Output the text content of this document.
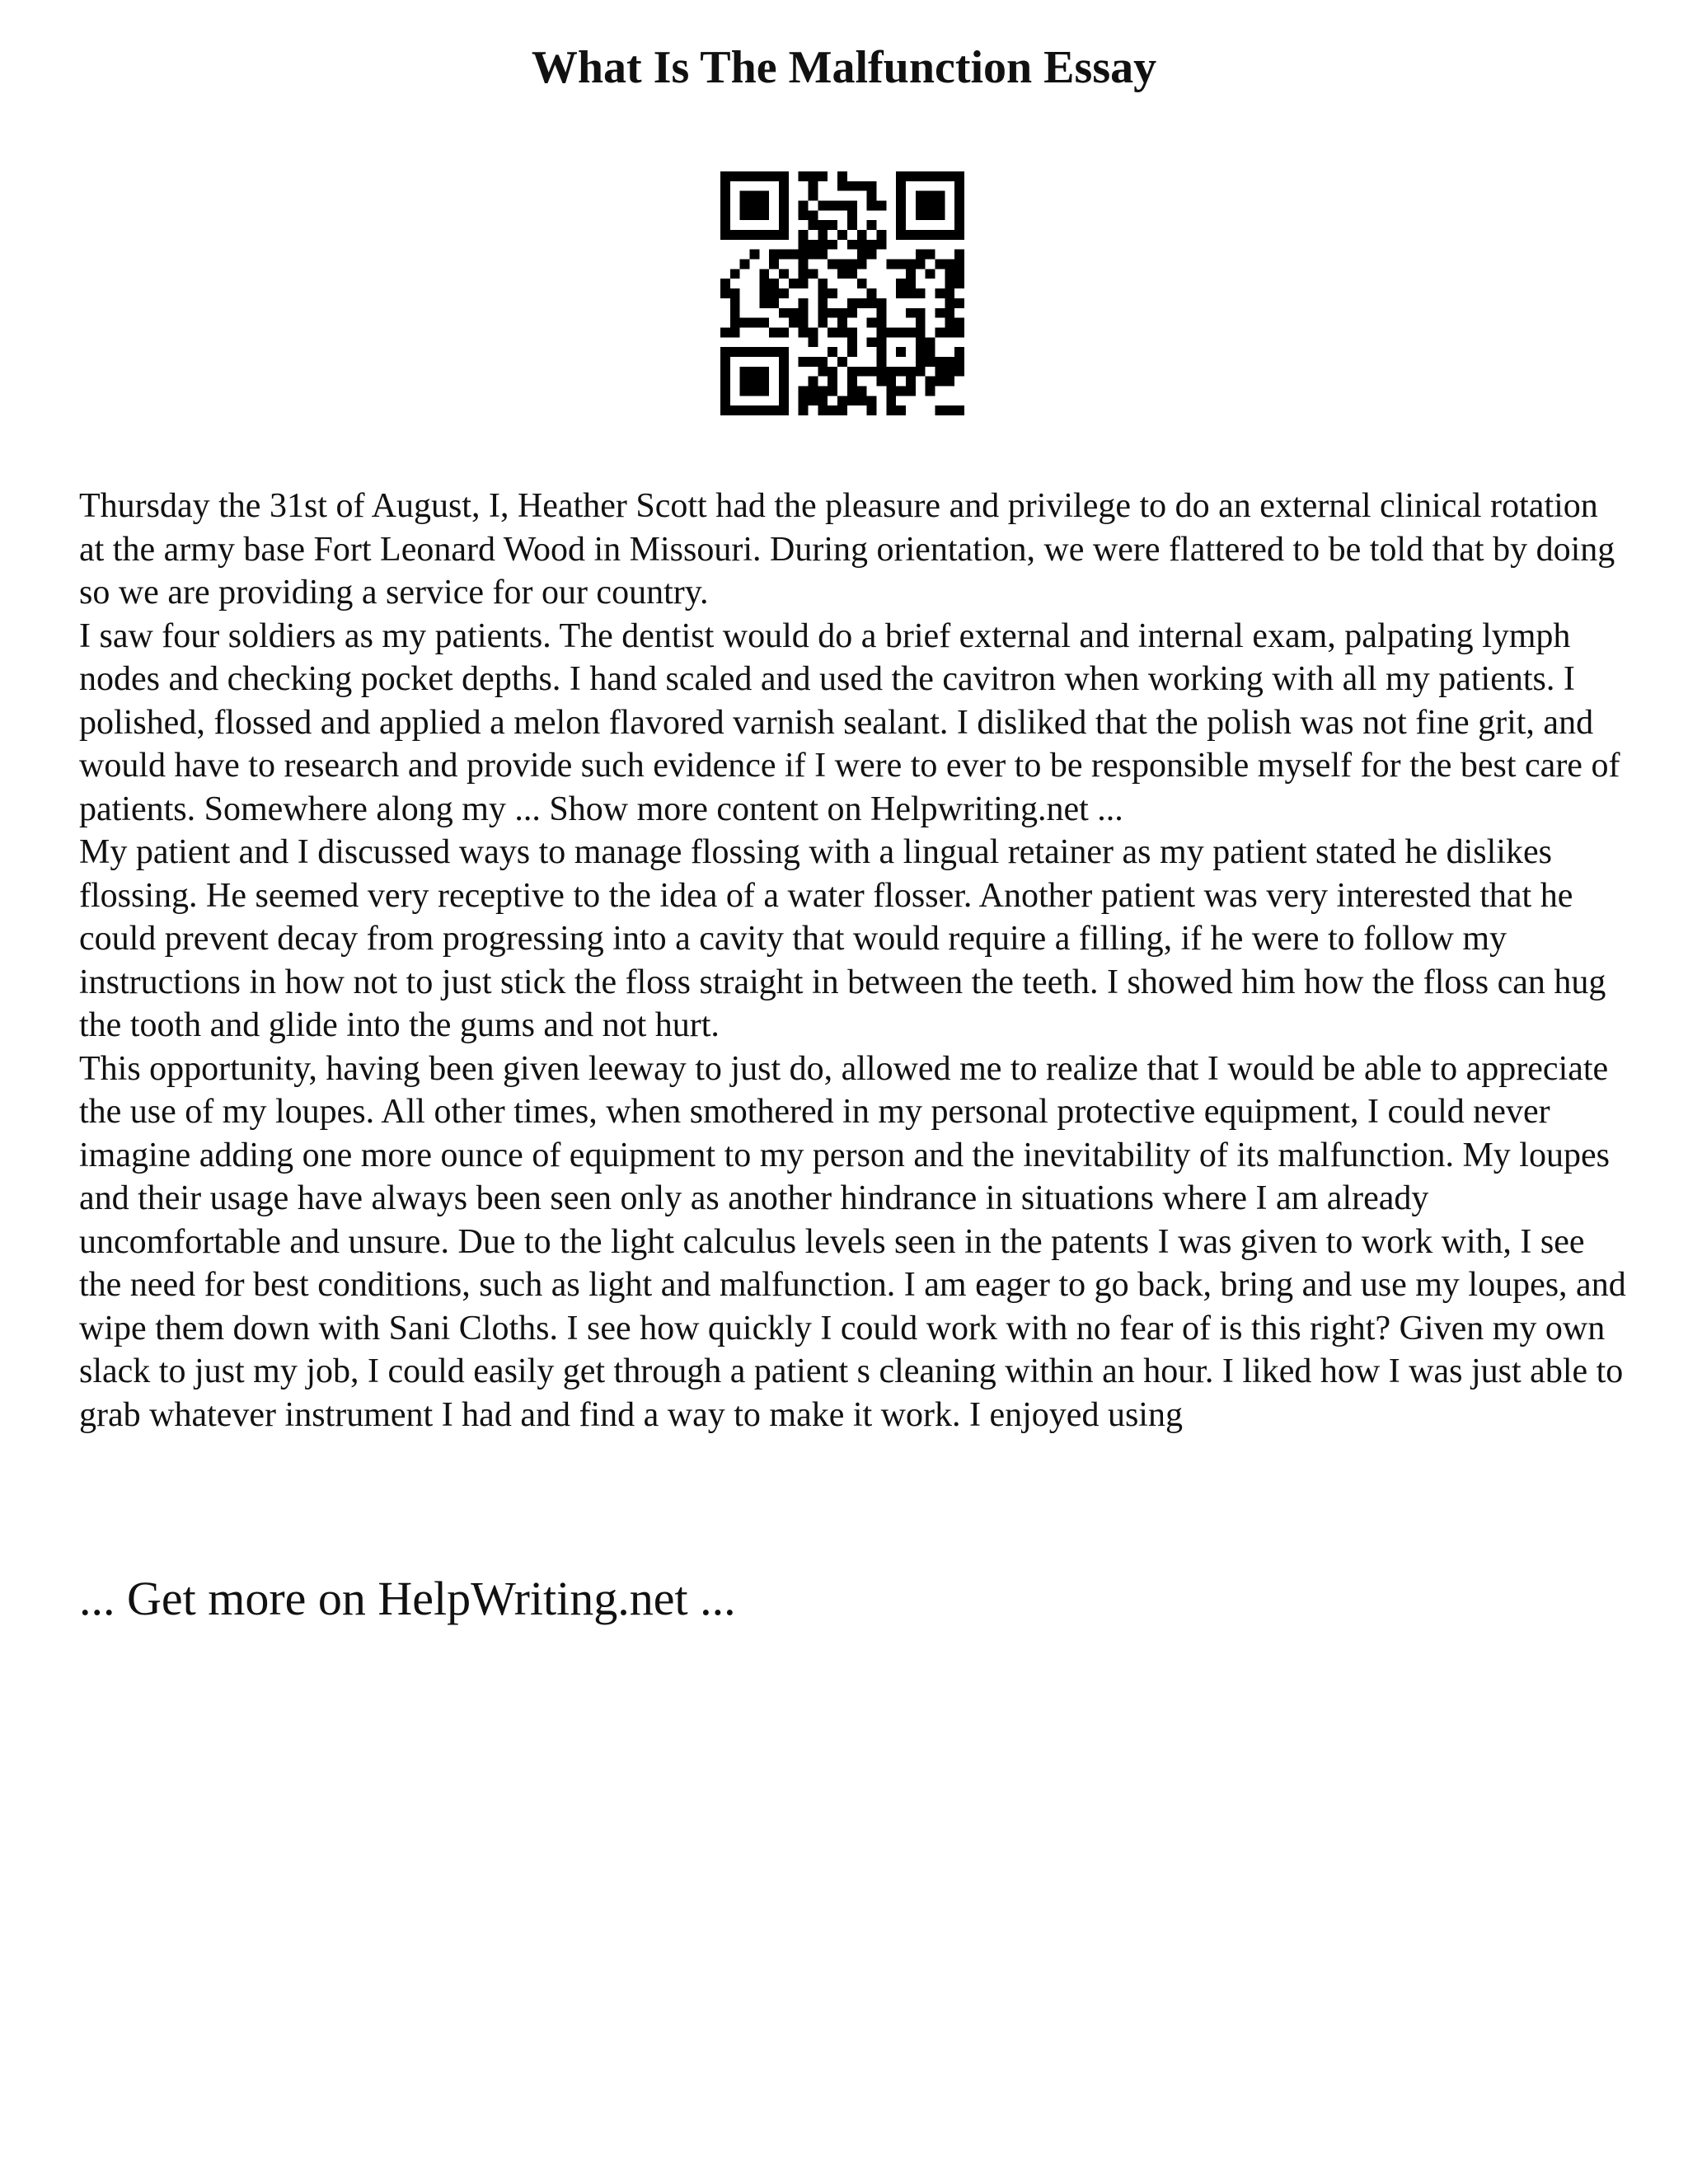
What Is The Malfunction Essay

Thursday the 31st of August, I, Heather Scott had the pleasure and privilege to do an external clinical rotation at the army base Fort Leonard Wood in Missouri. During orientation, we were flattered to be told that by doing so we are providing a service for our country.

I saw four soldiers as my patients. The dentist would do a brief external and internal exam, palpating lymph nodes and checking pocket depths. I hand scaled and used the cavitron when working with all my patients. I polished, flossed and applied a melon flavored varnish sealant. I disliked that the polish was not fine grit, and would have to research and provide such evidence if I were to ever to be responsible myself for the best care of patients. Somewhere along my ... Show more content on Helpwriting.net ...

My patient and I discussed ways to manage flossing with a lingual retainer as my patient stated he dislikes flossing. He seemed very receptive to the idea of a water flosser. Another patient was very interested that he could prevent decay from progressing into a cavity that would require a filling, if he were to follow my instructions in how not to just stick the floss straight in between the teeth. I showed him how the floss can hug the tooth and glide into the gums and not hurt.

This opportunity, having been given leeway to just do, allowed me to realize that I would be able to appreciate the use of my loupes. All other times, when smothered in my personal protective equipment, I could never imagine adding one more ounce of equipment to my person and the inevitability of its malfunction. My loupes and their usage have always been seen only as another hindrance in situations where I am already uncomfortable and unsure. Due to the light calculus levels seen in the patents I was given to work with, I see the need for best conditions, such as light and malfunction. I am eager to go back, bring and use my loupes, and wipe them down with Sani Cloths. I see how quickly I could work with no fear of is this right? Given my own slack to just my job, I could easily get through a patient s cleaning within an hour. I liked how I was just able to grab whatever instrument I had and find a way to make it work. I enjoyed using

... Get more on HelpWriting.net ...
